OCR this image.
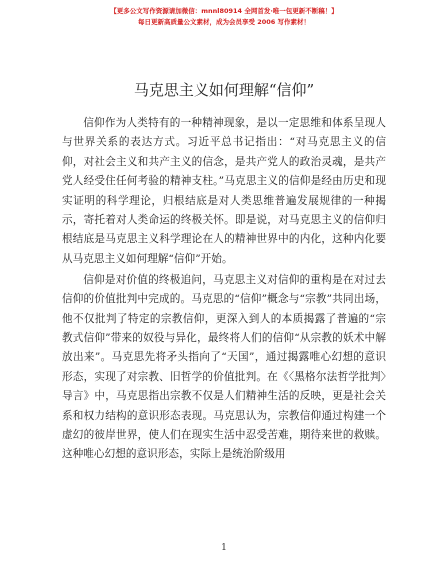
【更多公文写作资源请加微信：mnnl80914 全网首发·唯一包更新不断稿！】
每日更新高质量公文素材，成为会员享受 2006 写作素材！
马克思主义如何理解“信仰”

信仰作为人类特有的一种精神现象，是以一定思维和体系呈现人与世界关系的表达方式。习近平总书记指出：“对马克思主义的信仰，对社会主义和共产主义的信念，是共产党人的政治灵魂，是共产党人经受住任何考验的精神支柱。”马克思主义的信仰是经由历史和现实证明的科学理论，归根结底是对人类思维普遍发展规律的一种揭示，寄托着对人类命运的终极关怀。即是说，对马克思主义的信仰归根结底是马克思主义科学理论在人的精神世界中的内化，这种内化要从马克思主义如何理解“信仰”开始。

信仰是对价值的终极追问，马克思主义对信仰的重构是在对过去信仰的价值批判中完成的。马克思的“信仰”概念与“宗教”共同出场，他不仅批判了特定的宗教信仰，更深入到人的本质揭露了普遍的“宗教式信仰”带来的奴役与异化，最终将人们的信仰“从宗教的妖术中解放出来”。马克思先将矛头指向了“天国”，通过揭露唯心幻想的意识形态，实现了对宗教、旧哲学的价值批判。在《〈黑格尔法哲学批判〉导言》中，马克思指出宗教不仅是人们精神生活的反映，更是社会关系和权力结构的意识形态表现。马克思认为，宗教信仰通过构建一个虚幻的彼岸世界，使人们在现实生活中忍受苦难，期待来世的救赎。这种唯心幻想的意识形态，实际上是统治阶级用

1
